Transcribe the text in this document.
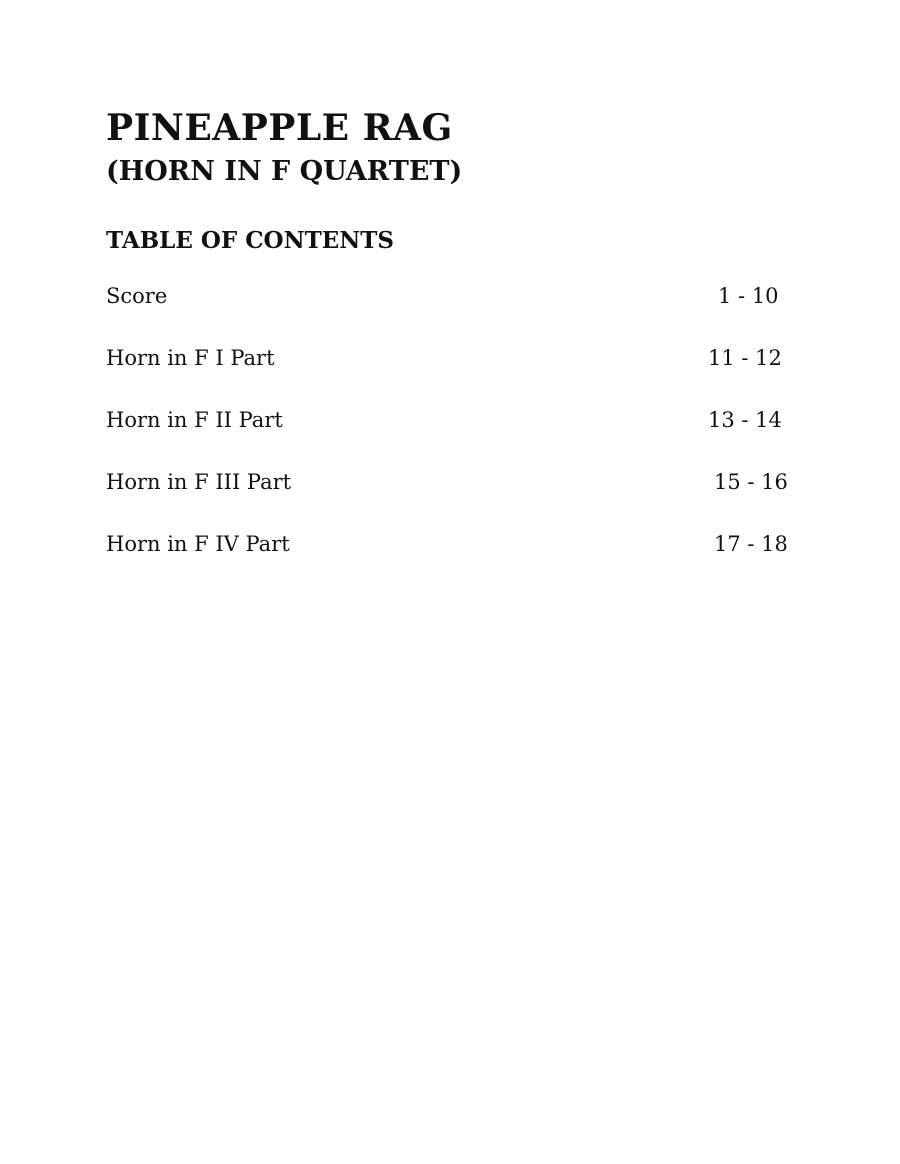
PINEAPPLE RAG
(HORN IN F QUARTET)
TABLE OF CONTENTS
Score	1 - 10
Horn in F I Part	11 - 12
Horn in F II Part	13 - 14
Horn in F III Part	15 - 16
Horn in F IV Part	17 - 18
